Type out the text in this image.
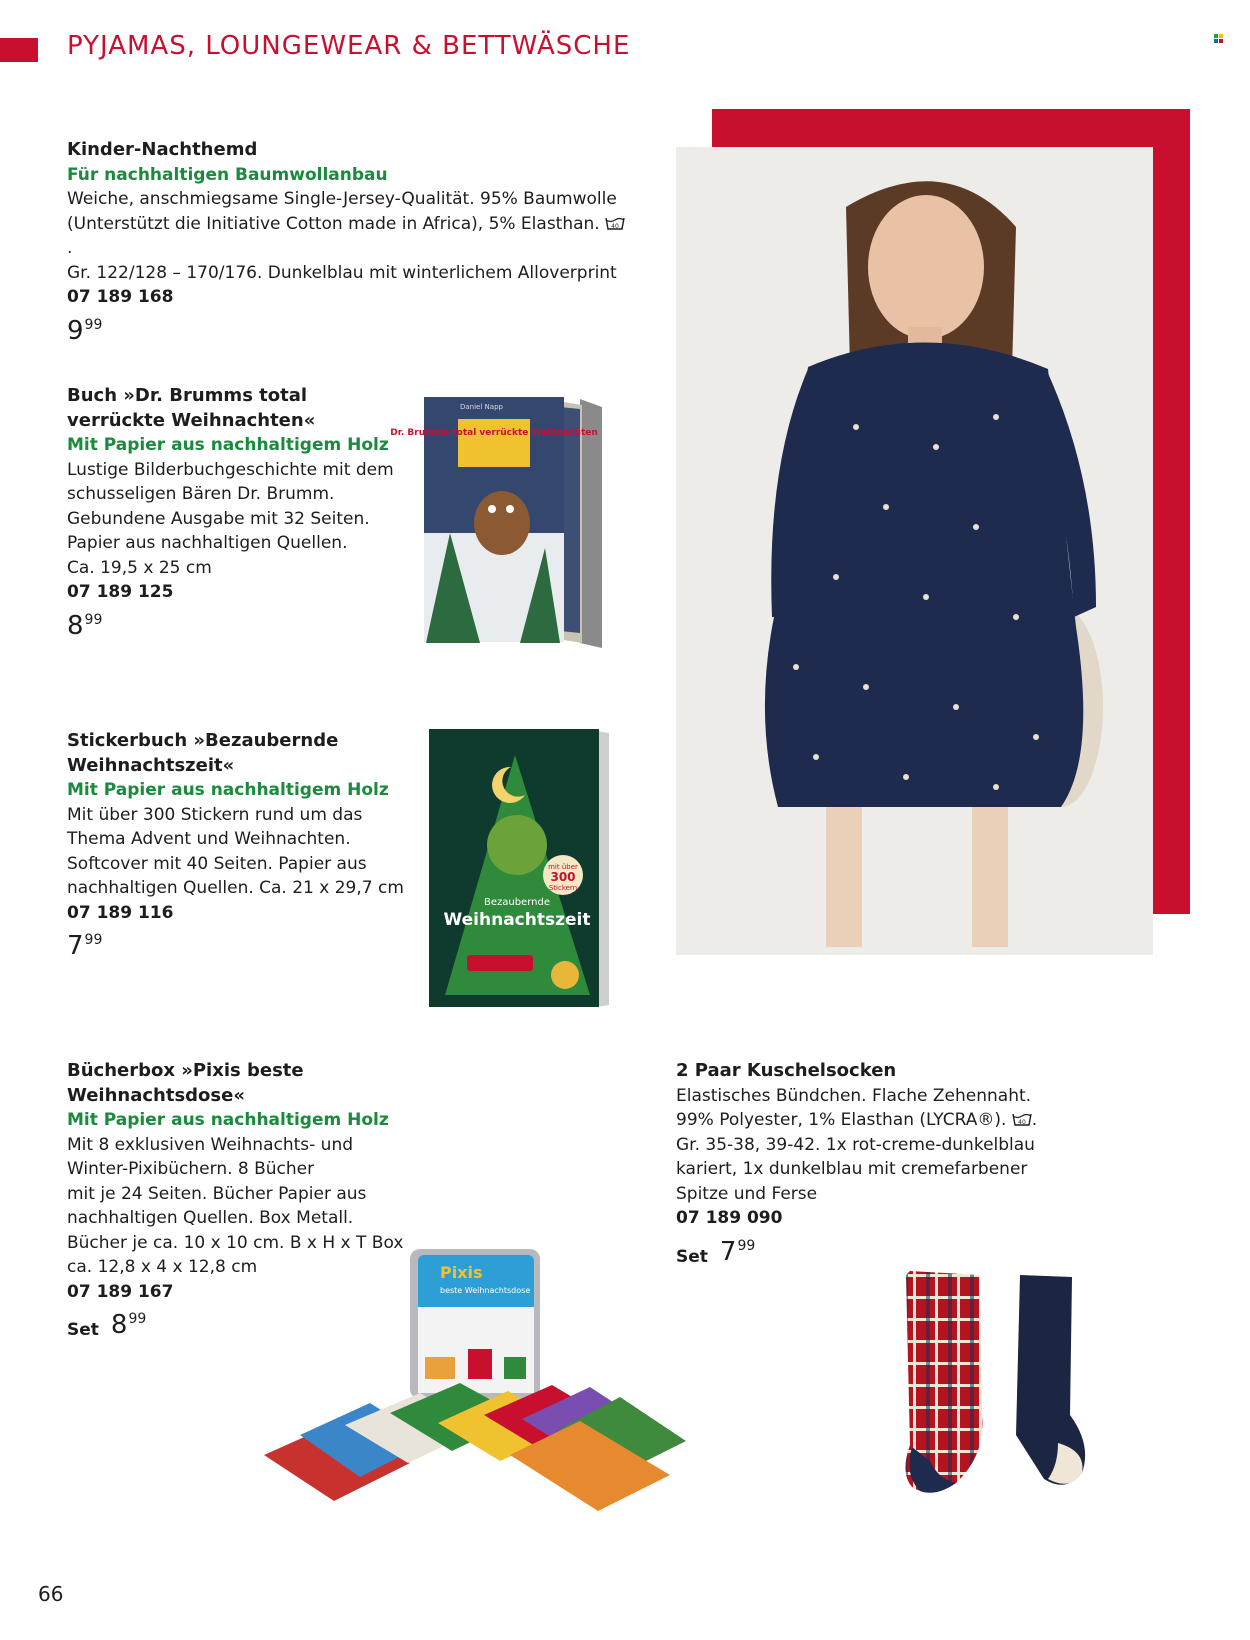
PYJAMAS, LOUNGEWEAR & BETTWÄSCHE
Kinder-Nachthemd
Für nachhaltigen Baumwollanbau
Weiche, anschmiegsame Single-Jersey-Qualität. 95% Baumwolle
(Unterstützt die Initiative Cotton made in Africa), 5% Elasthan. 40
.
Gr. 122/128 – 170/176. Dunkelblau mit winterlichem Alloverprint
07 189 168
9 99
Buch »Dr. Brumms total
verrückte Weihnachten«
Mit Papier aus nachhaltigem Holz
Lustige Bilderbuchgeschichte mit dem
schusseligen Bären Dr. Brumm.
Gebundene Ausgabe mit 32 Seiten.
Papier aus nachhaltigen Quellen.
Ca. 19,5 x 25 cm
07 189 125
8 99
Daniel Napp
Dr. Brumms total verrückte Weihnachten
Stickerbuch »Bezaubernde
Weihnachtszeit«
Mit Papier aus nachhaltigem Holz
Mit über 300 Stickern rund um das
Thema Advent und Weihnachten.
Softcover mit 40 Seiten. Papier aus
nachhaltigen Quellen. Ca. 21 x 29,7 cm
07 189 116
7 99
mit über
300
Stickern
Bezaubernde
Weihnachtszeit
Bücherbox »Pixis beste
Weihnachtsdose«
Mit Papier aus nachhaltigem Holz
Mit 8 exklusiven Weihnachts- und
Winter-Pixibüchern. 8 Bücher
mit je 24 Seiten. Bücher Papier aus
nachhaltigen Quellen. Box Metall.
Bücher je ca. 10 x 10 cm. B x H x T Box
ca. 12,8 x 4 x 12,8 cm
07 189 167
Set 8 99
Pixis
beste Weihnachtsdose
2 Paar Kuschelsocken
Elastisches Bündchen. Flache Zehennaht.
99% Polyester, 1% Elasthan (LYCRA®). 40 .
Gr. 35-38, 39-42. 1x rot-creme-dunkelblau
kariert, 1x dunkelblau mit cremefarbener
Spitze und Ferse
07 189 090
Set 7 99
66
